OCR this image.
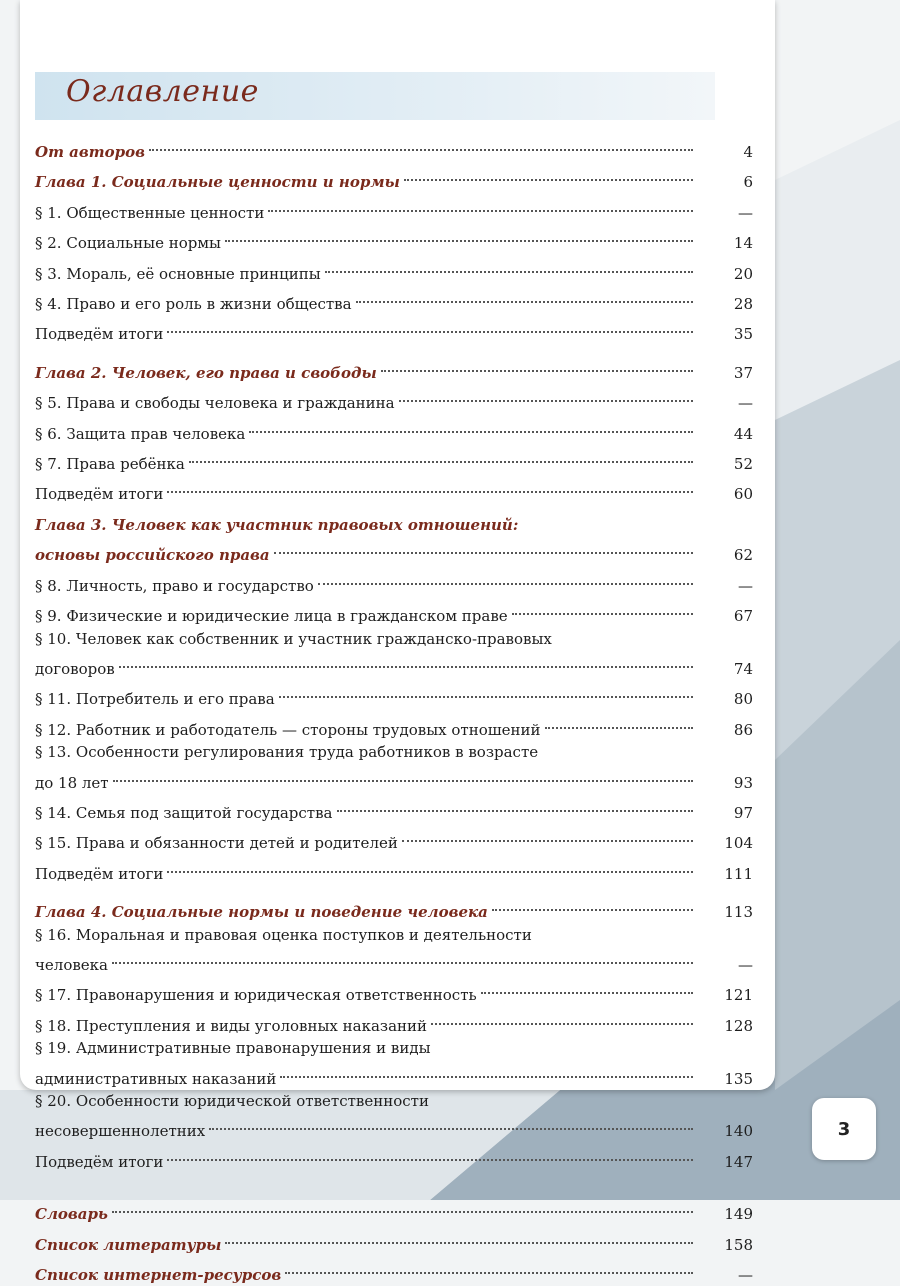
Оглавление
От авторов	4
Глава 1. Социальные ценности и нормы	6
§ 1. Общественные ценности	—
§ 2. Социальные нормы	14
§ 3. Мораль, её основные принципы	20
§ 4. Право и его роль в жизни общества	28
Подведём итоги	35
Глава 2. Человек, его права и свободы	37
§ 5. Права и свободы человека и гражданина	—
§ 6. Защита прав человека	44
§ 7. Права ребёнка	52
Подведём итоги	60
Глава 3. Человек как участник правовых отношений:
основы российского права	62
§ 8. Личность, право и государство	—
§ 9. Физические и юридические лица в гражданском праве	67
§ 10. Человек как собственник и участник гражданско-правовых
договоров	74
§ 11. Потребитель и его права	80
§ 12. Работник и работодатель — стороны трудовых отношений	86
§ 13. Особенности регулирования труда работников в возрасте
до 18 лет	93
§ 14. Семья под защитой государства	97
§ 15. Права и обязанности детей и родителей	104
Подведём итоги	111
Глава 4. Социальные нормы и поведение человека	113
§ 16. Моральная и правовая оценка поступков и деятельности
человека	—
§ 17. Правонарушения и юридическая ответственность	121
§ 18. Преступления и виды уголовных наказаний	128
§ 19. Административные правонарушения и виды
административных наказаний	135
§ 20. Особенности юридической ответственности
несовершеннолетних	140
Подведём итоги	147
Словарь	149
Список литературы	158
Список интернет-ресурсов	—
3
